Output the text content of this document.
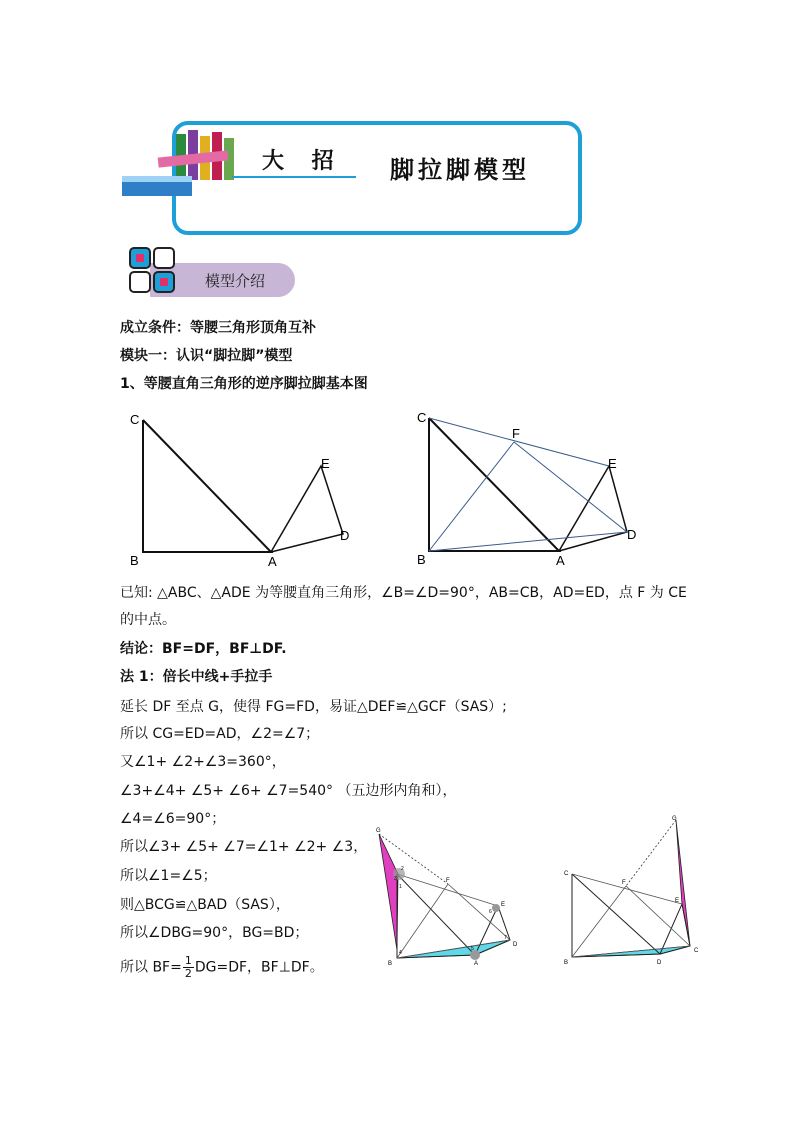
大 招 脚拉脚模型
模型介绍
成立条件：等腰三角形顶角互补
模块一：认识“脚拉脚”模型
1、等腰直角三角形的逆序脚拉脚基本图
C
B	A
E
D
C
F
E
B	A
D
已知: △ABC、△ADE 为等腰直角三角形，∠B=∠D=90°，AB=CB，AD=ED，点 F 为 CE
的中点。
结论：BF=DF，BF⊥DF.
法 1：倍长中线+手拉手
延长 DF 至点 G，使得 FG=FD，易证△DEF≌△GCF（SAS）;
所以 CG=ED=AD，∠2=∠7；
又∠1+ ∠2+∠3=360°，
∠3+∠4+ ∠5+ ∠6+ ∠7=540° （五边形内角和），
∠4=∠6=90°；
所以∠3+ ∠5+ ∠7=∠1+ ∠2+ ∠3，
所以∠1=∠5；
则△BCG≌△BAD（SAS），
所以∠DBG=90°，BG=BD；
所以 $BF= \frac{1}{2} DG=DF$，BF⊥DF。
G
F
E
D
B	A
1
2
3
4
5
6
7
G
C
F
E
B	D
C
